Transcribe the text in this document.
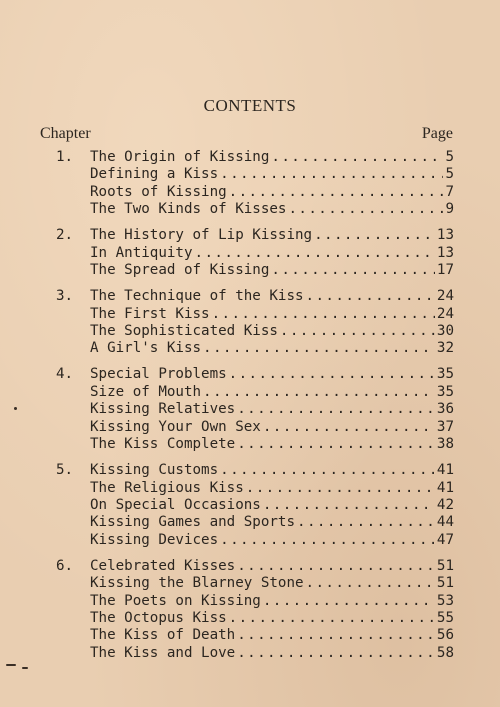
CONTENTS
Chapter	Page
1.	The Origin of Kissing .....	5
Defining a Kiss .....	5
Roots of Kissing .....	7
The Two Kinds of Kisses .....	9
2.	The History of Lip Kissing .....	13
In Antiquity .....	13
The Spread of Kissing .....	17
3.	The Technique of the Kiss .....	24
The First Kiss .....	24
The Sophisticated Kiss .....	30
A Girl's Kiss .....	32
4.	Special Problems .....	35
Size of Mouth .....	35
Kissing Relatives .....	36
Kissing Your Own Sex .....	37
The Kiss Complete .....	38
5.	Kissing Customs .....	41
The Religious Kiss .....	41
On Special Occasions .....	42
Kissing Games and Sports .....	44
Kissing Devices .....	47
6.	Celebrated Kisses .....	51
Kissing the Blarney Stone .....	51
The Poets on Kissing .....	53
The Octopus Kiss .....	55
The Kiss of Death .....	56
The Kiss and Love .....	58
